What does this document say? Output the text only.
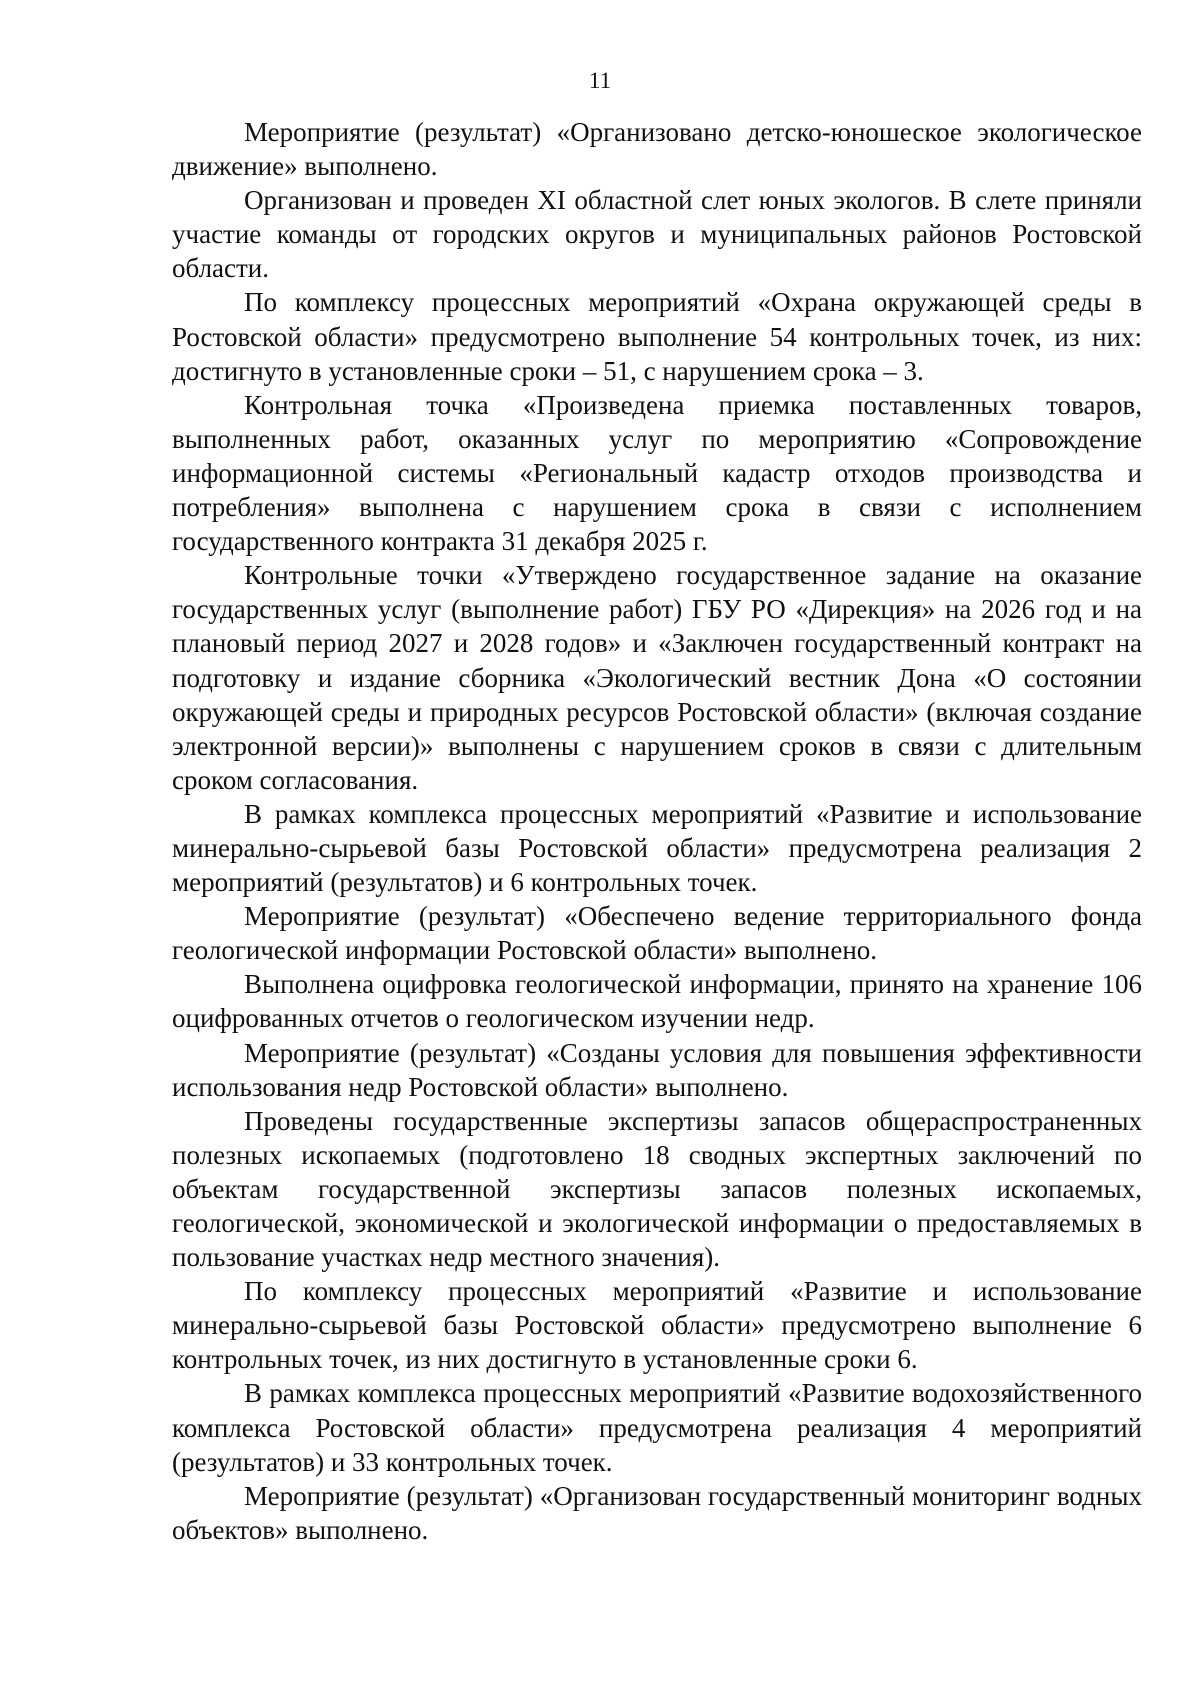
11

Мероприятие (результат) «Организовано детско-юношеское экологическое движение» выполнено.

Организован и проведен XI областной слет юных экологов. В слете приняли участие команды от городских округов и муниципальных районов Ростовской области.

По комплексу процессных мероприятий «Охрана окружающей среды в Ростовской области» предусмотрено выполнение 54 контрольных точек, из них: достигнуто в установленные сроки – 51, с нарушением срока – 3.

Контрольная точка «Произведена приемка поставленных товаров, выполненных работ, оказанных услуг по мероприятию «Сопровождение информационной системы «Региональный кадастр отходов производства и потребления» выполнена с нарушением срока в связи с исполнением государственного контракта 31 декабря 2025 г.

Контрольные точки «Утверждено государственное задание на оказание государственных услуг (выполнение работ) ГБУ РО «Дирекция» на 2026 год и на плановый период 2027 и 2028 годов» и «Заключен государственный контракт на подготовку и издание сборника «Экологический вестник Дона «О состоянии окружающей среды и природных ресурсов Ростовской области» (включая создание электронной версии)» выполнены с нарушением сроков в связи с длительным сроком согласования.

В рамках комплекса процессных мероприятий «Развитие и использование минерально-сырьевой базы Ростовской области» предусмотрена реализация 2 мероприятий (результатов) и 6 контрольных точек.

Мероприятие (результат) «Обеспечено ведение территориального фонда геологической информации Ростовской области» выполнено.

Выполнена оцифровка геологической информации, принято на хранение 106 оцифрованных отчетов о геологическом изучении недр.

Мероприятие (результат) «Созданы условия для повышения эффективности использования недр Ростовской области» выполнено.

Проведены государственные экспертизы запасов общераспространенных полезных ископаемых (подготовлено 18 сводных экспертных заключений по объектам государственной экспертизы запасов полезных ископаемых, геологической, экономической и экологической информации о предоставляемых в пользование участках недр местного значения).

По комплексу процессных мероприятий «Развитие и использование минерально-сырьевой базы Ростовской области» предусмотрено выполнение 6 контрольных точек, из них достигнуто в установленные сроки 6.

В рамках комплекса процессных мероприятий «Развитие водохозяйственного комплекса Ростовской области» предусмотрена реализация 4 мероприятий (результатов) и 33 контрольных точек.

Мероприятие (результат) «Организован государственный мониторинг водных объектов» выполнено.
